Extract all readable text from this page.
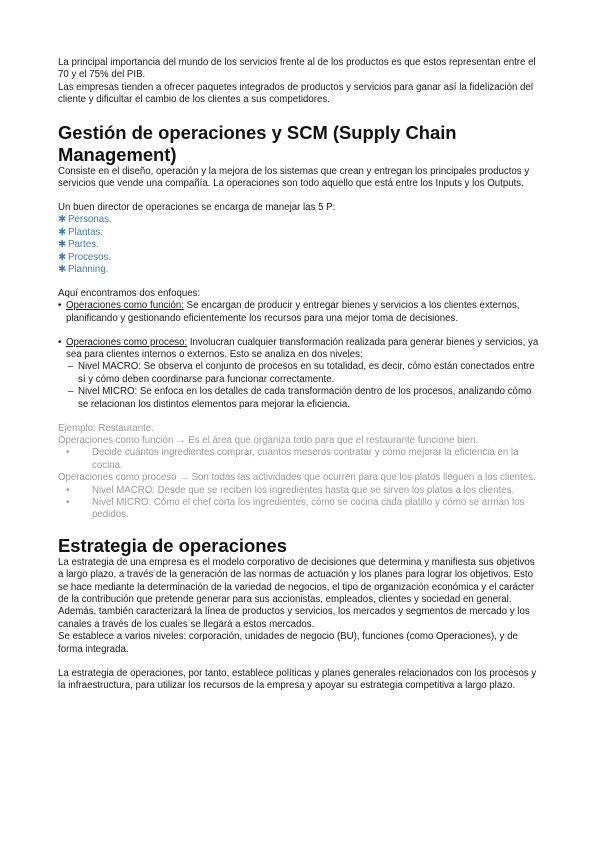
La principal importancia del mundo de los servicios frente al de los productos es que estos representan entre el 70 y el 75% del PIB.

Las empresas tienden a ofrecer paquetes integrados de productos y servicios para ganar así la fidelización del cliente y dificultar el cambio de los clientes a sus competidores.

Gestión de operaciones y SCM (Supply Chain Management)

Consiste en el diseño, operación y la mejora de los sistemas que crean y entregan los principales productos y servicios que vende una compañía. La operaciones son todo aquello que está entre los Inputs y los Outputs.

Un buen director de operaciones se encarga de manejar las 5 P:

✱ Personas.
✱ Plantas.
✱ Partes.
✱ Procesos.
✱ Planning.

Aquí encontramos dos enfoques:

• Operaciones como función: Se encargan de producir y entregar bienes y servicios a los clientes externos, planificando y gestionando eficientemente los recursos para una mejor toma de decisiones.
• Operaciones como proceso: Involucran cualquier transformación realizada para generar bienes y servicios, ya sea para clientes internos o externos. Esto se analiza en dos niveles:
– Nivel MACRO: Se observa el conjunto de procesos en su totalidad, es decir, cómo están conectados entre sí y cómo deben coordinarse para funcionar correctamente.
– Nivel MICRO: Se enfoca en los detalles de cada transformación dentro de los procesos, analizando cómo se relacionan los distintos elementos para mejorar la eficiencia.

Ejemplo: Restaurante.

Operaciones como función → Es el área que organiza todo para que el restaurante funcione bien.

•	Decide cuántos ingredientes comprar, cuántos meseros contratar y cómo mejorar la eficiencia en la cocina.

Operaciones como proceso → Son todas las actividades que ocurren para que los platos lleguen a los clientes.

•	Nivel MACRO: Desde que se reciben los ingredientes hasta que se sirven los platos a los clientes.
•	Nivel MICRO: Cómo el chef corta los ingredientes, cómo se cocina cada platillo y cómo se arman los pedidos.
Estrategia de operaciones

La estrategia de una empresa es el modelo corporativo de decisiones que determina y manifiesta sus objetivos a largo plazo, a través de la generación de las normas de actuación y los planes para lograr los objetivos. Esto se hace mediante la determinación de la variedad de negocios, el tipo de organización económica y el carácter de la contribución que pretende generar para sus accionistas, empleados, clientes y sociedad en general. Además, también caracterizará la línea de productos y servicios, los mercados y segmentos de mercado y los canales a través de los cuales se llegará a estos mercados.

Se establece a varios niveles: corporación, unidades de negocio (BU), funciones (como Operaciones), y de forma integrada.

La estrategia de operaciones, por tanto, establece políticas y planes generales relacionados con los procesos y la infraestructura, para utilizar los recursos de la empresa y apoyar su estrategia competitiva a largo plazo.
